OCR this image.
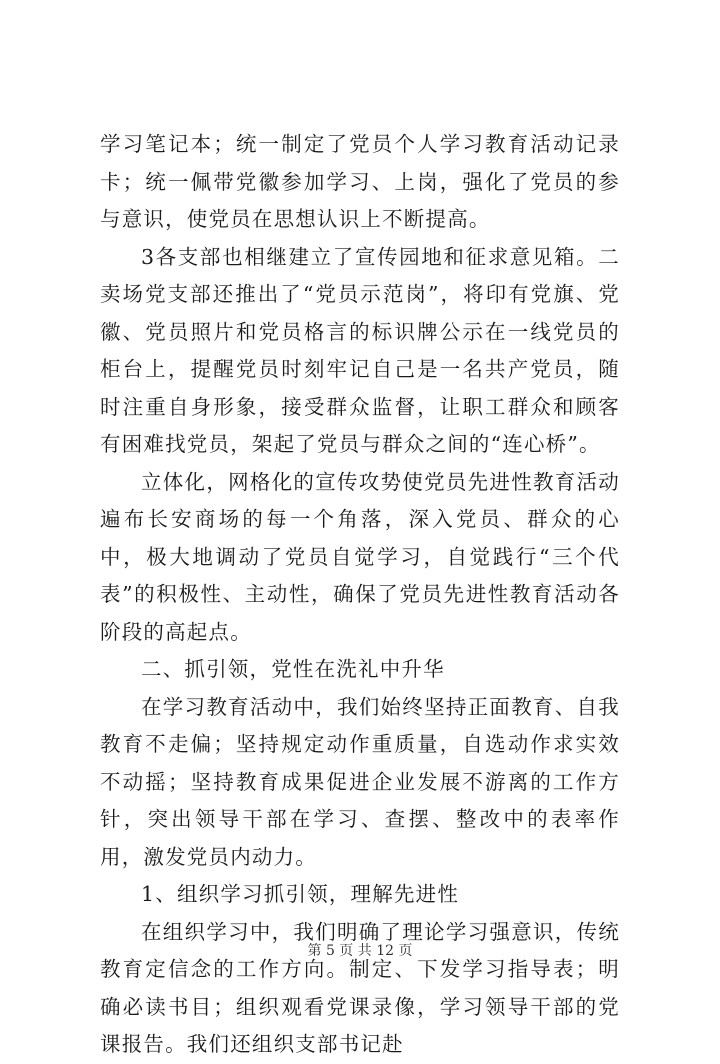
学习笔记本；统一制定了党员个人学习教育活动记录卡；统一佩带党徽参加学习、上岗，强化了党员的参与意识，使党员在思想认识上不断提高。

3各支部也相继建立了宣传园地和征求意见箱。二卖场党支部还推出了“党员示范岗”，将印有党旗、党徽、党员照片和党员格言的标识牌公示在一线党员的柜台上，提醒党员时刻牢记自己是一名共产党员，随时注重自身形象，接受群众监督，让职工群众和顾客有困难找党员，架起了党员与群众之间的“连心桥”。

立体化，网格化的宣传攻势使党员先进性教育活动遍布长安商场的每一个角落，深入党员、群众的心中，极大地调动了党员自觉学习，自觉践行“三个代表”的积极性、主动性，确保了党员先进性教育活动各阶段的高起点。

二、抓引领，党性在洗礼中升华

在学习教育活动中，我们始终坚持正面教育、自我教育不走偏；坚持规定动作重质量，自选动作求实效不动摇；坚持教育成果促进企业发展不游离的工作方针，突出领导干部在学习、查摆、整改中的表率作用，激发党员内动力。

1、组织学习抓引领，理解先进性

在组织学习中，我们明确了理论学习强意识，传统教育定信念的工作方向。制定、下发学习指导表；明确必读书目；组织观看党课录像，学习领导干部的党课报告。我们还组织支部书记赴

第 5 页 共 12 页
